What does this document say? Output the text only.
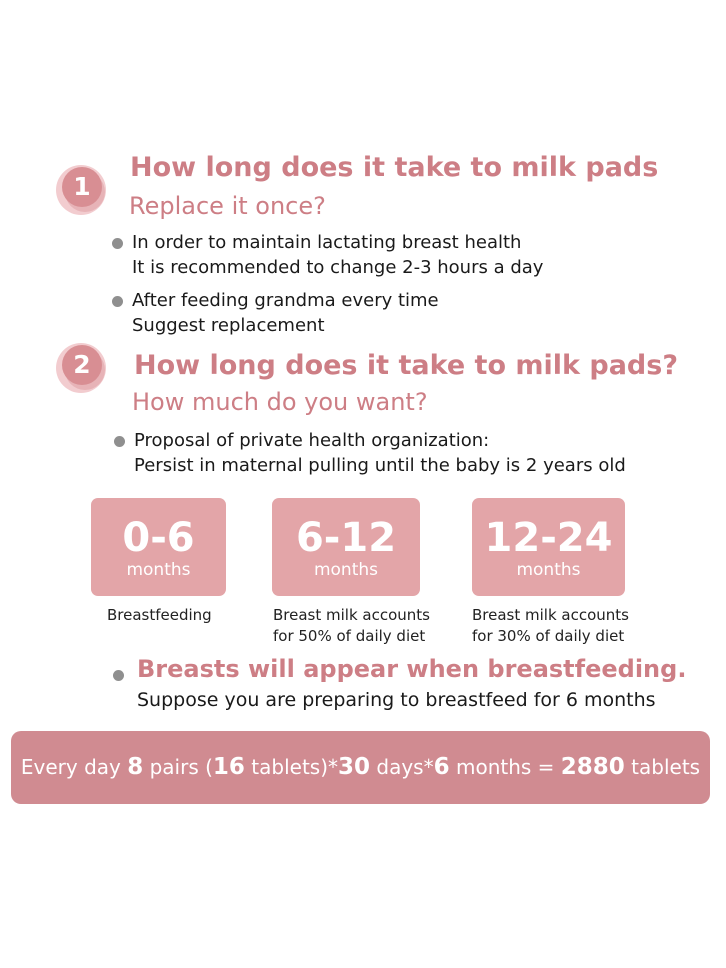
1
How long does it take to milk pads
Replace it once?
In order to maintain lactating breast health
It is recommended to change 2-3 hours a day
After feeding grandma every time
Suggest replacement
2	How long does it take to milk pads?
How much do you want?
Proposal of private health organization:
Persist in maternal pulling until the baby is 2 years old
0-6
months
6-12
months
12-24
months
Breastfeeding	Breast milk accounts
for 50% of daily diet
Breast milk accounts
for 30% of daily diet
Breasts will appear when breastfeeding.
Suppose you are preparing to breastfeed for 6 months
Every day 8 pairs (16 tablets)*30 days*6 months = 2880 tablets
